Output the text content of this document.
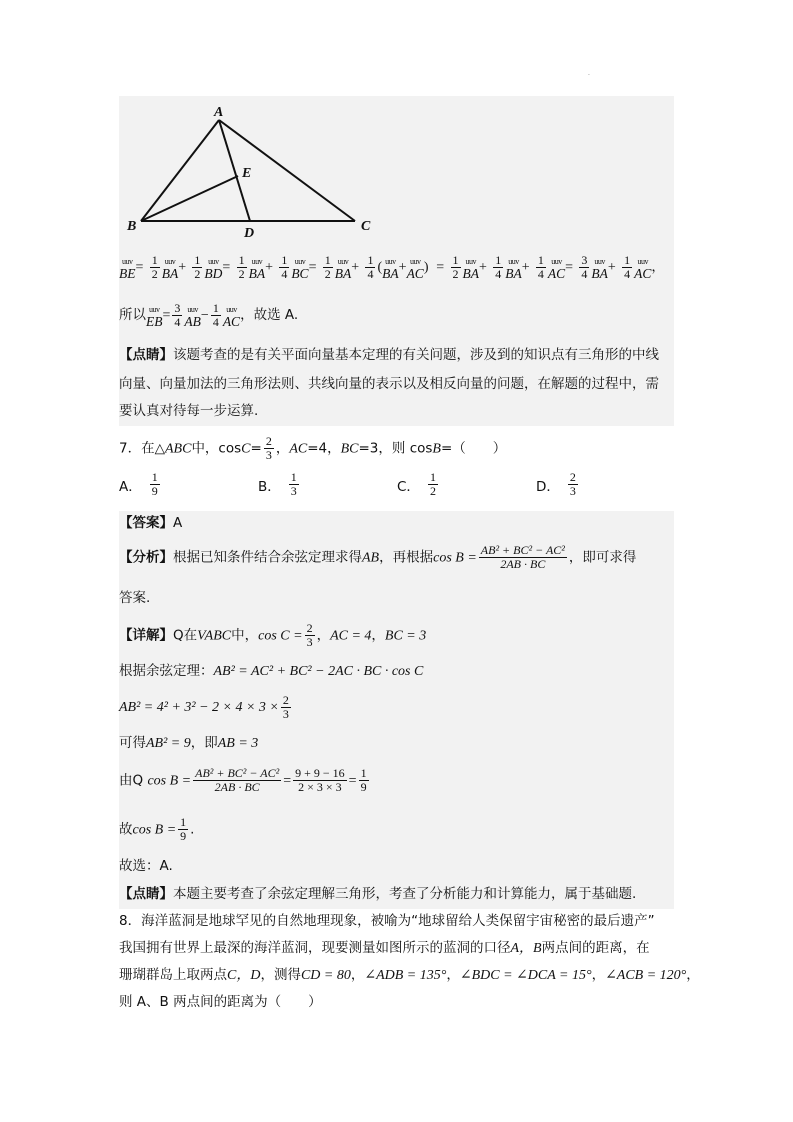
.
A
B	C
D
E
uuv
BE = $\frac{1}{2}$ uuv
BA + $\frac{1}{2}$ uuv
BD = $\frac{1}{2}$ uuv
BA + $\frac{1}{4}$ uuv
BC = $\frac{1}{2}$ uuv
BA + $\frac{1}{4}$ ( uuv
BA + uuv
AC )  = $\frac{1}{2}$ uuv
BA + $\frac{1}{4}$ uuv
BA + $\frac{1}{4}$ uuv
AC = $\frac{3}{4}$ uuv
BA + $\frac{1}{4}$ uuv
AC ，
所以 uuv
EB = $\frac{3}{4}$ uuv
AB − $\frac{1}{4}$ uuv
AC ，故选 A.
【点睛】该题考查的是有关平面向量基本定理的有关问题，涉及到的知识点有三角形的中线
向量、向量加法的三角形法则、共线向量的表示以及相反向量的问题，在解题的过程中，需
要认真对待每一步运算.
7．在△ABC中，$\cos C= \frac{2}{3}$ ，AC=4，BC=3，则 cosB=（　　）
A． $\frac{1}{9}$	B． $\frac{1}{3}$	C． $\frac{1}{2}$	D． $\frac{2}{3}$
【答案】A
【分析】根据已知条件结合余弦定理求得AB，再根据$\cos B = \frac{\text{AB² + BC² − AC²}}{2AB \cdot BC}$ ，即可求得
答案.
【详解】Q在VABC中，$\cos C = \frac{2}{3}$ ，AC = 4，BC = 3
根据余弦定理：AB² = AC² + BC² − 2AC · BC · cos C
$AB^2 = 4^2 + 3^2 - 2 \times 4 \times 3 \times \frac{2}{3}$
可得AB² = 9，即AB = 3
由Q $\cos B = \frac{\text{AB² + BC² − AC²}}{2AB \cdot BC} = \frac{9 + 9 - 16}{2 \times 3 \times 3} = \frac{1}{9}$
故$\cos B = \frac{1}{9}$ .
故选：A.
【点睛】本题主要考查了余弦定理解三角形，考查了分析能力和计算能力，属于基础题.
8．海洋蓝洞是地球罕见的自然地理现象，被喻为“地球留给人类保留宇宙秘密的最后遗产”
我国拥有世界上最深的海洋蓝洞，现要测量如图所示的蓝洞的口径A，B两点间的距离，在
珊瑚群岛上取两点C，D，测得CD = 80，∠ADB = 135°，∠BDC = ∠DCA = 15°，∠ACB = 120°，
则 A、B 两点间的距离为（　　）
